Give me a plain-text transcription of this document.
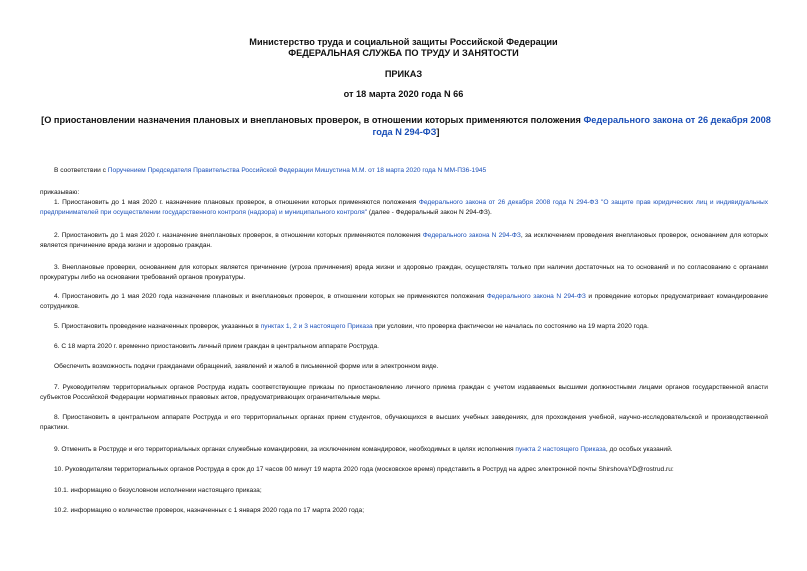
Министерство труда и социальной защиты Российской Федерации
ФЕДЕРАЛЬНАЯ СЛУЖБА ПО ТРУДУ И ЗАНЯТОСТИ
ПРИКАЗ
от 18 марта 2020 года N 66
[О приостановлении назначения плановых и внеплановых проверок, в отношении которых применяются положения Федерального закона от 26 декабря 2008 года N 294-ФЗ]
В соответствии с Поручением Председателя Правительства Российской Федерации Мишустина М.М. от 18 марта 2020 года N ММ-П36-1945
приказываю:
1. Приостановить до 1 мая 2020 г. назначение плановых проверок, в отношении которых применяются положения Федерального закона от 26 декабря 2008 года N 294-ФЗ "О защите прав юридических лиц и индивидуальных предпринимателей при осуществлении государственного контроля (надзора) и муниципального контроля" (далее - Федеральный закон N 294-ФЗ).
2. Приостановить до 1 мая 2020 г. назначение внеплановых проверок, в отношении которых применяются положения Федерального закона N 294-ФЗ, за исключением проведения внеплановых проверок, основанием для которых является причинение вреда жизни и здоровью граждан.
3. Внеплановые проверки, основанием для которых является причинение (угроза причинения) вреда жизни и здоровью граждан, осуществлять только при наличии достаточных на то оснований и по согласованию с органами прокуратуры либо на основании требований органов прокуратуры.
4. Приостановить до 1 мая 2020 года назначение плановых и внеплановых проверок, в отношении которых не применяются положения Федерального закона N 294-ФЗ и проведение которых предусматривает командирование сотрудников.
5. Приостановить проведение назначенных проверок, указанных в пунктах 1, 2 и 3 настоящего Приказа при условии, что проверка фактически не началась по состоянию на 19 марта 2020 года.
6. С 18 марта 2020 г. временно приостановить личный прием граждан в центральном аппарате Роструда.
Обеспечить возможность подачи гражданами обращений, заявлений и жалоб в письменной форме или в электронном виде.
7. Руководителям территориальных органов Роструда издать соответствующие приказы по приостановлению личного приема граждан с учетом издаваемых высшими должностными лицами органов государственной власти субъектов Российской Федерации нормативных правовых актов, предусматривающих ограничительные меры.
8. Приостановить в центральном аппарате Роструда и его территориальных органах прием студентов, обучающихся в высших учебных заведениях, для прохождения учебной, научно-исследовательской и производственной практики.
9. Отменить в Роструде и его территориальных органах служебные командировки, за исключением командировок, необходимых в целях исполнения пункта 2 настоящего Приказа, до особых указаний.
10. Руководителям территориальных органов Роструда в срок до 17 часов 00 минут 19 марта 2020 года (московское время) представить в Роструд на адрес электронной почты ShirshovaYD@rostrud.ru:
10.1. информацию о безусловном исполнении настоящего приказа;
10.2. информацию о количестве проверок, назначенных с 1 января 2020 года по 17 марта 2020 года;
